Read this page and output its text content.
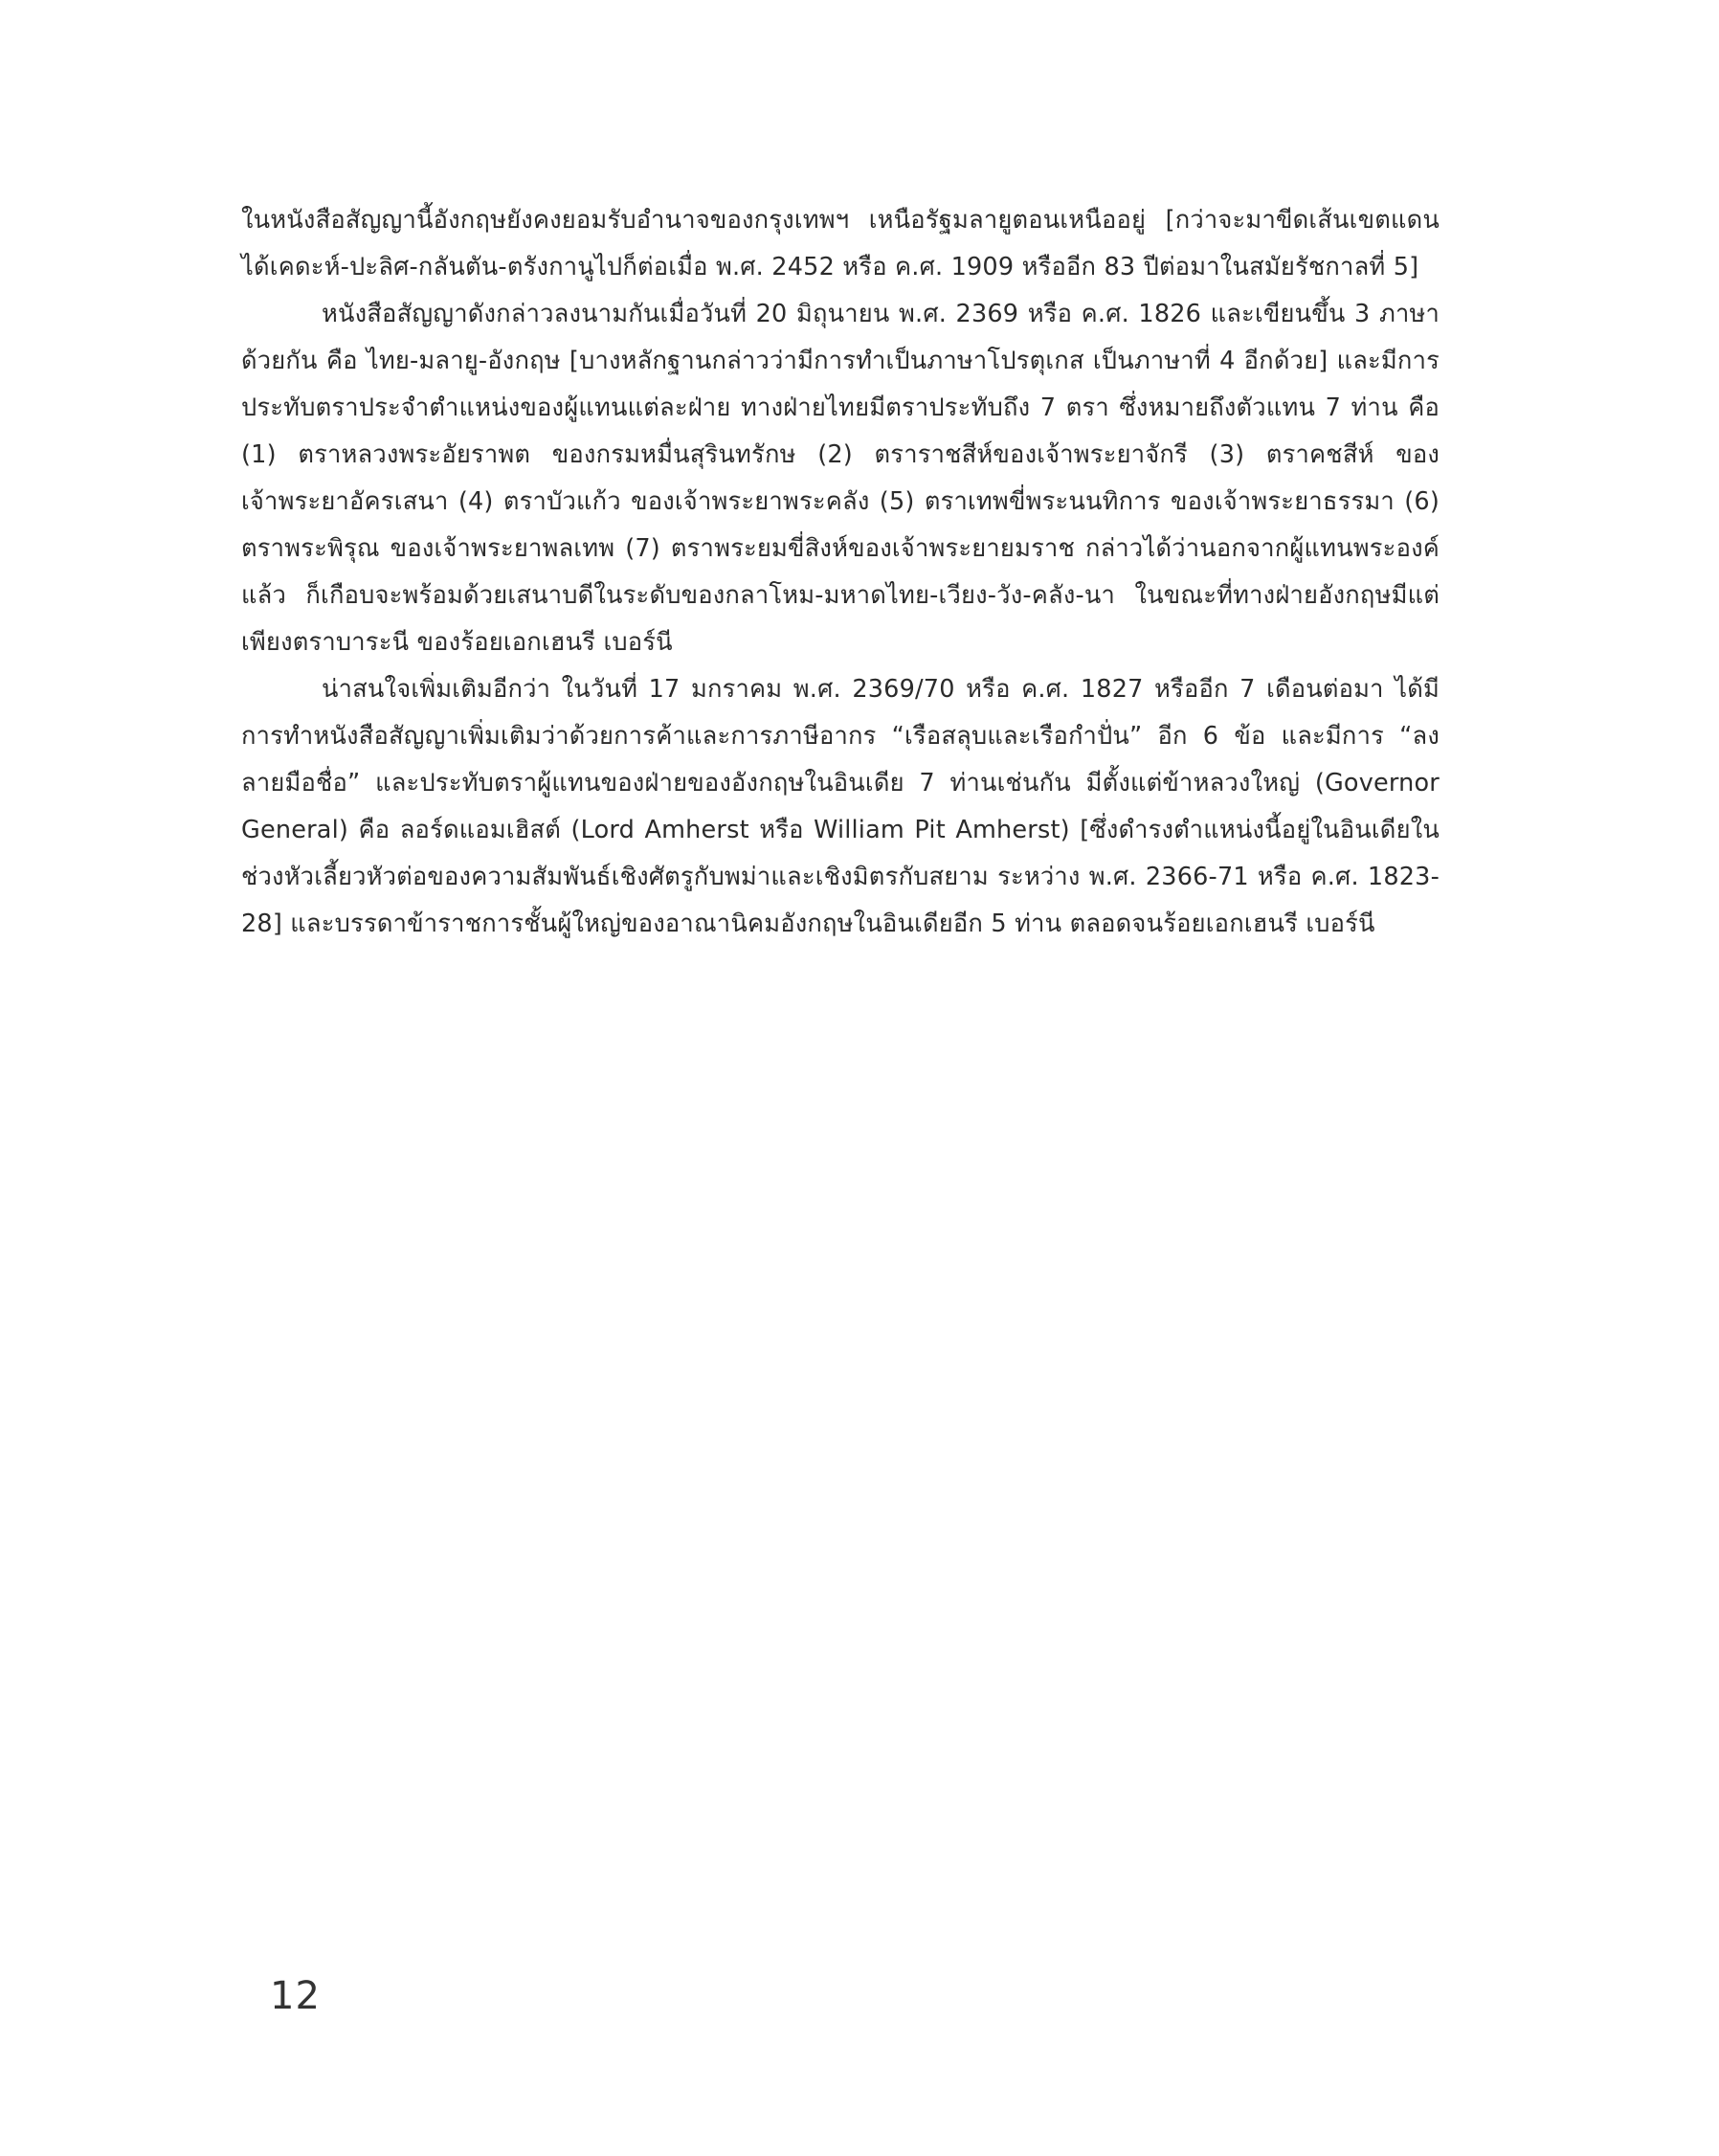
ในหนังสือสัญญานี้อังกฤษยังคงยอมรับอำนาจของกรุงเทพฯ เหนือรัฐมลายูตอนเหนืออยู่ [กว่าจะมาขีดเส้นเขตแดนได้เคดะห์-ปะลิศ-กลันตัน-ตรังกานูไปก็ต่อเมื่อ พ.ศ. 2452 หรือ ค.ศ. 1909 หรืออีก 83 ปีต่อมาในสมัยรัชกาลที่ 5]

หนังสือสัญญาดังกล่าวลงนามกันเมื่อวันที่ 20 มิถุนายน พ.ศ. 2369 หรือ ค.ศ. 1826 และเขียนขึ้น 3 ภาษาด้วยกัน คือ ไทย-มลายู-อังกฤษ [บางหลักฐานกล่าวว่ามีการทำเป็นภาษาโปรตุเกส เป็นภาษาที่ 4 อีกด้วย] และมีการประทับตราประจำตำแหน่งของผู้แทนแต่ละฝ่าย ทางฝ่ายไทยมีตราประทับถึง 7 ตรา ซึ่งหมายถึงตัวแทน 7 ท่าน คือ (1) ตราหลวงพระอัยราพต ของกรมหมื่นสุรินทรักษ (2) ตราราชสีห์ของเจ้าพระยาจักรี (3) ตราคชสีห์ ของเจ้าพระยาอัครเสนา (4) ตราบัวแก้ว ของเจ้าพระยาพระคลัง (5) ตราเทพขี่พระนนทิการ ของเจ้าพระยาธรรมา (6) ตราพระพิรุณ ของเจ้าพระยาพลเทพ (7) ตราพระยมขี่สิงห์ของเจ้าพระยายมราช กล่าวได้ว่านอกจากผู้แทนพระองค์แล้ว ก็เกือบจะพร้อมด้วยเสนาบดีในระดับของกลาโหม-มหาดไทย-เวียง-วัง-คลัง-นา ในขณะที่ทางฝ่ายอังกฤษมีแต่เพียงตราบาระนี ของร้อยเอกเฮนรี เบอร์นี

น่าสนใจเพิ่มเติมอีกว่า ในวันที่ 17 มกราคม พ.ศ. 2369/70 หรือ ค.ศ. 1827 หรืออีก 7 เดือนต่อมา ได้มีการทำหนังสือสัญญาเพิ่มเติมว่าด้วยการค้าและการภาษีอากร “เรือสลุบและเรือกำปั่น” อีก 6 ข้อ และมีการ “ลงลายมือชื่อ” และประทับตราผู้แทนของฝ่ายของอังกฤษในอินเดีย 7 ท่านเช่นกัน มีตั้งแต่ข้าหลวงใหญ่ (Governor General) คือ ลอร์ดแอมเฮิสต์ (Lord Amherst หรือ William Pit Amherst) [ซึ่งดำรงตำแหน่งนี้อยู่ในอินเดียในช่วงหัวเลี้ยวหัวต่อของความสัมพันธ์เชิงศัตรูกับพม่าและเชิงมิตรกับสยาม ระหว่าง พ.ศ. 2366-71 หรือ ค.ศ. 1823-28] และบรรดาข้าราชการชั้นผู้ใหญ่ของอาณานิคมอังกฤษในอินเดียอีก 5 ท่าน ตลอดจนร้อยเอกเฮนรี เบอร์นี

12
